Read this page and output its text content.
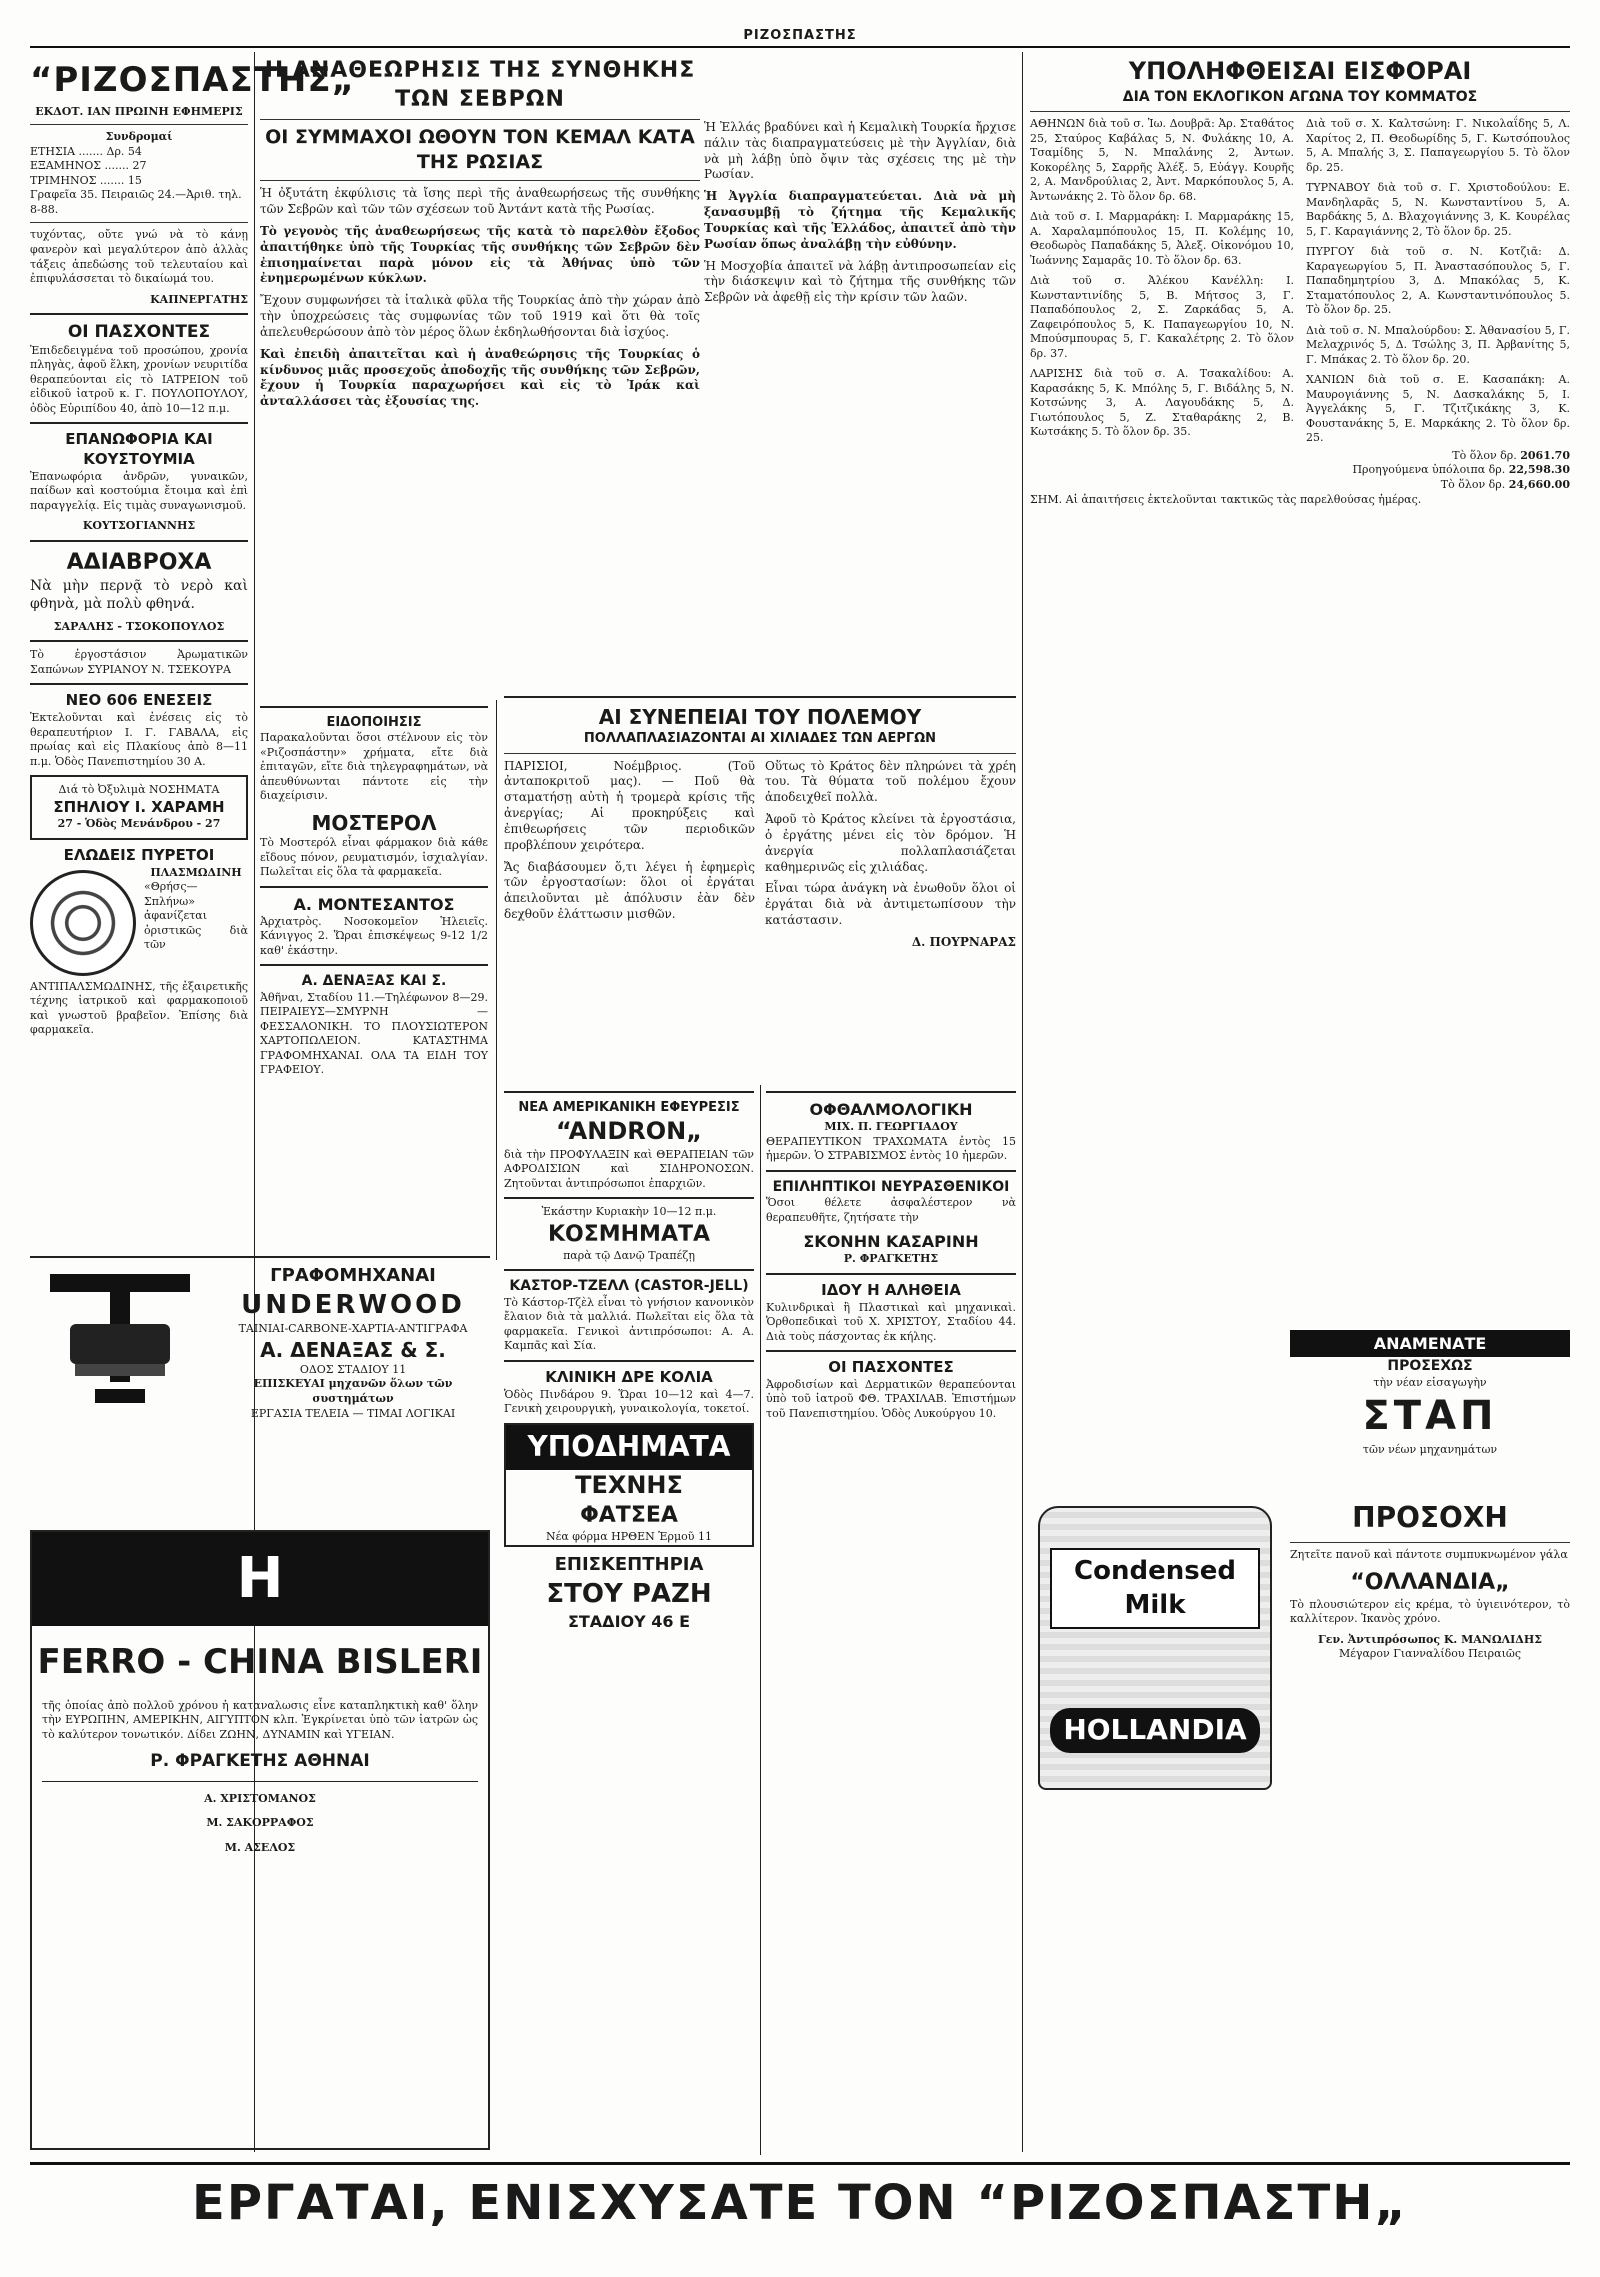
ΡΙΖΟΣΠΑΣΤΗΣ
“ΡΙΖΟΣΠΑΣΤΗΣ„
ΕΚΔΟΤ. ΙΑΝ ΠΡΩΙΝΗ ΕΦΗΜΕΡΙΣ
Συνδρομαί
ΕΤΗΣΙΑ ....... Δρ. 54
ΕΞΑΜΗΝΟΣ ....... 27
ΤΡΙΜΗΝΟΣ ....... 15
Γραφεῖα 35. Πειραιῶς 24.—Ἀριθ. τηλ. 8-88.

τυχόντας, οὔτε γνώ νὰ τὸ κάνῃ φανερὸν καὶ μεγαλύτερον ἀπὸ ἀλλὰς τάξεις ἀπεδώσης τοῦ τελευταίου καὶ ἐπιφυλάσσεται τὸ δικαίωμά του.

ΚΑΠΝΕΡΓΑΤΗΣ
ΟΙ ΠΑΣΧΟΝΤΕΣ

Ἐπιδεδειγμένα τοῦ προσώπου, χρονία πληγὰς, ἀφοῦ ἕλκη, χρονίων νευριτίδα θεραπεύονται εἰς τὸ ΙΑΤΡΕΙΟΝ τοῦ εἰδικοῦ ἰατροῦ κ. Γ. ΠΟΥΛΟΠΟΥΛΟΥ, ὁδὸς Εὐριπίδου 40, ἀπὸ 10—12 π.μ.

ΕΠΑΝΩΦΟΡΙΑ ΚΑΙ ΚΟΥΣΤΟΥΜΙΑ

Ἐπανωφόρια ἀνδρῶν, γυναικῶν, παίδων καὶ κοστούμια ἔτοιμα καὶ ἐπὶ παραγγελίᾳ. Εἰς τιμὰς συναγωνισμοῦ.

ΚΟΥΤΣΟΓΙΑΝΝΗΣ
ΑΔΙΑΒΡΟΧΑ

Νὰ μὴν περνᾷ τὸ νερὸ καὶ φθηνὰ, μὰ πολὺ φθηνά.

ΣΑΡΑΛΗΣ - ΤΣΟΚΟΠΟΥΛΟΣ

Τὸ ἐργοστάσιον Ἀρωματικῶν Σαπώνων ΣΥΡΙΑΝΟΥ Ν. ΤΣΕΚΟΥΡΑ

ΝΕΟ 606 ΕΝΕΣΕΙΣ

Ἐκτελοῦνται καὶ ἐνέσεις εἰς τὸ θεραπευτήριον Ι. Γ. ΓΑΒΑΛΑ, εἰς πρωίας καὶ εἰς Πλακίους ἀπὸ 8—11 π.μ. Ὁδὸς Πανεπιστημίου 30 Α.

Διά τὸ Ὀξυλιμὰ ΝΟΣΗΜΑΤΑ
ΣΠΗΛΙΟΥ Ι. ΧΑΡΑΜΗ
27 - Ὁδὸς Μενάνδρου - 27
ΕΛΩΔΕΙΣ ΠΥΡΕΤΟΙ
ΠΛΑΣΜΩΔΙΝΗ

«Θρήσς—Σπλήνω» ἀφανίζεται ὁριστικῶς διὰ τῶν ΑΝΤΙΠΑΛΣΜΩΔΙΝΗΣ, τῆς ἐξαιρετικῆς τέχνης ἰατρικοῦ καὶ φαρμακοποιοῦ καὶ γνωστοῦ βραβεῖον. Ἐπίσης διὰ φαρμακεῖα.

Η ΑΝΑΘΕΩΡΗΣΙΣ ΤΗΣ ΣΥΝΘΗΚΗΣ ΤΩΝ ΣΕΒΡΩΝ
ΟΙ ΣΥΜΜΑΧΟΙ ΩΘΟΥΝ ΤΟΝ ΚΕΜΑΛ ΚΑΤΑ ΤΗΣ ΡΩΣΙΑΣ

Ἡ ὀξυτάτη ἐκφύλισις τὰ ἴσης περὶ τῆς ἀναθεωρήσεως τῆς συνθήκης τῶν Σεβρῶν καὶ τῶν τῶν σχέσεων τοῦ Ἀντάντ κατὰ τῆς Ρωσίας.

Τὸ γεγονὸς τῆς ἀναθεωρήσεως τῆς κατὰ τὸ παρελθὸν ἔξοδος ἀπαιτήθηκε ὑπὸ τῆς Τουρκίας τῆς συνθήκης τῶν Σεβρῶν δὲν ἐπισημαίνεται παρὰ μόνον εἰς τὰ Ἀθήνας ὑπὸ τῶν ἐνημερωμένων κύκλων.

Ἔχουν συμφωνήσει τὰ ἰταλικὰ φῦλα τῆς Τουρκίας ἀπὸ τὴν χώραν ἀπὸ τὴν ὑποχρεώσεις τὰς συμφωνίας τῶν τοῦ 1919 καὶ ὅτι θὰ τοῖς ἀπελευθερώσουν ἀπὸ τὸν μέρος ὅλων ἐκδηλωθήσονται διὰ ἰσχύος.

Καὶ ἐπειδὴ ἀπαιτεῖται καὶ ἡ ἀναθεώρησις τῆς Τουρκίας ὁ κίνδυνος μιᾶς προσεχοῦς ἀποδοχῆς τῆς συνθήκης τῶν Σεβρῶν, ἔχουν ἡ Τουρκία παραχωρήσει καὶ εἰς τὸ Ἰράκ καὶ ἀνταλλάσσει τὰς ἐξουσίας της.

Ἡ Ἐλλάς βραδύνει καὶ ἡ Κεμαλικὴ Τουρκία ἤρχισε πάλιν τὰς διαπραγματεύσεις μὲ τὴν Ἀγγλίαν, διὰ νὰ μὴ λάβῃ ὑπὸ ὄψιν τὰς σχέσεις της μὲ τὴν Ρωσίαν.

Ἡ Ἀγγλία διαπραγματεύεται. Διὰ νὰ μὴ ξανασυμβῇ τὸ ζήτημα τῆς Κεμαλικῆς Τουρκίας καὶ τῆς Ἑλλάδος, ἀπαιτεῖ ἀπὸ τὴν Ρωσίαν ὅπως ἀναλάβῃ τὴν εὐθύνην.

Ἡ Μοσχοβία ἀπαιτεῖ νὰ λάβῃ ἀντιπροσωπείαν εἰς τὴν διάσκεψιν καὶ τὸ ζήτημα τῆς συνθήκης τῶν Σεβρῶν νὰ ἀφεθῇ εἰς τὴν κρίσιν τῶν λαῶν.

ΕΙΔΟΠΟΙΗΣΙΣ

Παρακαλοῦνται ὅσοι στέλνουν εἰς τὸν «Ριζοσπάστην» χρήματα, εἴτε διὰ ἐπιταγῶν, εἴτε διὰ τηλεγραφημάτων, νὰ ἀπευθύνωνται πάντοτε εἰς τὴν διαχείρισιν.

ΜΟΣΤΕΡΟΛ

Τὸ Μοστερόλ εἶναι φάρμακον διὰ κάθε εἴδους πόνον, ρευματισμόν, ἰσχιαλγίαν. Πωλεῖται εἰς ὅλα τὰ φαρμακεῖα.

Α. ΜΟΝΤΕΣΑΝΤΟΣ

Ἀρχιατρὸς. Νοσοκομεῖον Ἡλειεῖς. Κάνιγγος 2. Ὥραι ἐπισκέψεως 9-12 1/2 καθ' ἑκάστην.

Α. ΔΕΝΑΞΑΣ ΚΑΙ Σ.

Ἀθῆναι, Σταδίου 11.—Τηλέφωνον 8—29. ΠΕΙΡΑΙΕΥΣ—ΣΜΥΡΝΗ — ΦΕΣΣΑΛΟΝΙΚΗ. ΤΟ ΠΛΟΥΣΙΩΤΕΡΟΝ ΧΑΡΤΟΠΩΛΕΙΟΝ. ΚΑΤΑΣΤΗΜΑ ΓΡΑΦΟΜΗΧΑΝΑΙ. ΟΛΑ ΤΑ ΕΙΔΗ ΤΟΥ ΓΡΑΦΕΙΟΥ.

ΓΡΑΦΟΜΗΧΑΝΑΙ
UNDERWOOD
ΤΑΙΝΙΑΙ-CARBONE-ΧΑΡΤΙΑ-ΑΝΤΙΓΡΑΦΑ
Α. ΔΕΝΑΞΑΣ & Σ.
ΟΔΟΣ ΣΤΑΔΙΟΥ 11
ΕΠΙΣΚΕΥΑΙ μηχανῶν ὅλων τῶν συστημάτων
ΕΡΓΑΣΙΑ ΤΕΛΕΙΑ — ΤΙΜΑΙ ΛΟΓΙΚΑΙ
Η
FERRO - CHINA BISLERI

τῆς ὁποίας ἀπὸ πολλοῦ χρόνου ἡ καταναλωσις εἶνε καταπληκτικὴ καθ' ὅλην τὴν ΕΥΡΩΠΗΝ, ΑΜΕΡΙΚΗΝ, ΑΙΓΥΠΤΟΝ κλπ. Ἐγκρίνεται ὑπὸ τῶν ἰατρῶν ὡς τὸ καλύτερον τονωτικόν. Δίδει ΖΩΗΝ, ΔΥΝΑΜΙΝ καὶ ΥΓΕΙΑΝ.

Ρ. ΦΡΑΓΚΕΤΗΣ ΑΘΗΝΑΙ
Α. ΧΡΙΣΤΟΜΑΝΟΣ
Μ. ΣΑΚΟΡΡΑΦΟΣ
Μ. ΑΣΕΛΟΣ
ΑΙ ΣΥΝΕΠΕΙΑΙ ΤΟΥ ΠΟΛΕΜΟΥ
ΠΟΛΛΑΠΛΑΣΙΑΖΟΝΤΑΙ ΑΙ ΧΙΛΙΑΔΕΣ ΤΩΝ ΑΕΡΓΩΝ

ΠΑΡΙΣΙΟΙ, Νοέμβριος. (Τοῦ ἀνταποκριτοῦ μας). — Ποῦ θὰ σταματήσῃ αὐτὴ ἡ τρομερὰ κρίσις τῆς ἀνεργίας; Αἱ προκηρύξεις καὶ ἐπιθεωρήσεις τῶν περιοδικῶν προβλέπουν χειρότερα.

Ἄς διαβάσουμεν ὅ,τι λέγει ἡ ἐφημερὶς τῶν ἐργοστασίων: ὅλοι οἱ ἐργάται ἀπειλοῦνται μὲ ἀπόλυσιν ἐὰν δὲν δεχθοῦν ἐλάττωσιν μισθῶν.

Οὕτως τὸ Κράτος δὲν πληρώνει τὰ χρέη του. Τὰ θύματα τοῦ πολέμου ἔχουν ἀποδειχθεῖ πολλὰ.

Ἀφοῦ τὸ Κράτος κλείνει τὰ ἐργοστάσια, ὁ ἐργάτης μένει εἰς τὸν δρόμον. Ἡ ἀνεργία πολλαπλασιάζεται καθημερινῶς εἰς χιλιάδας.

Εἶναι τώρα ἀνάγκη νὰ ἐνωθοῦν ὅλοι οἱ ἐργάται διὰ νὰ ἀντιμετωπίσουν τὴν κατάστασιν.

Δ. ΠΟΥΡΝΑΡΑΣ
ΝΕΑ ΑΜΕΡΙΚΑΝΙΚΗ ΕΦΕΥΡΕΣΙΣ
“ANDRON„

διὰ τὴν ΠΡΟΦΥΛΑΞΙΝ καὶ ΘΕΡΑΠΕΙΑΝ τῶν ΑΦΡΟΔΙΣΙΩΝ καὶ ΣΙΔΗΡΟΝΟΣΩΝ. Ζητοῦνται ἀντιπρόσωποι ἐπαρχιῶν.

Ἐκάστην Κυριακὴν 10—12 π.μ.
ΚΟΣΜΗΜΑΤΑ
παρὰ τῷ Δανῷ Τραπέζῃ
ΚΑΣΤΟΡ-ΤΖΕΛΛ (CASTOR-JELL)

Τὸ Κάστορ-Τζὲλ εἶναι τὸ γνήσιον κανονικὸν ἔλαιον διὰ τὰ μαλλιά. Πωλεῖται εἰς ὅλα τὰ φαρμακεῖα. Γενικοὶ ἀντιπρόσωποι: Α. Α. Καμπᾶς καὶ Σία.

ΚΛΙΝΙΚΗ ΔΡΕ ΚΟΛΙΑ

Ὁδὸς Πινδάρου 9. Ὥραι 10—12 καὶ 4—7. Γενικὴ χειρουργικὴ, γυναικολογία, τοκετοί.

ΥΠΟΔΗΜΑΤΑ
ΤΕΧΝΗΣ
ΦΑΤΣΕΑ
Νέα φόρμα ΗΡΘΕΝ Ἑρμοῦ 11
ΕΠΙΣΚΕΠΤΗΡΙΑ
ΣΤΟΥ ΡΑΖΗ
ΣΤΑΔΙΟΥ 46 Ε
ΟΦΘΑΛΜΟΛΟΓΙΚΗ
ΜΙΧ. Π. ΓΕΩΡΓΙΑΔΟΥ

ΘΕΡΑΠΕΥΤΙΚΟΝ ΤΡΑΧΩΜΑΤΑ ἐντὸς 15 ἡμερῶν. Ὁ ΣΤΡΑΒΙΣΜΟΣ ἐντὸς 10 ἡμερῶν.

ΕΠΙΛΗΠΤΙΚΟΙ ΝΕΥΡΑΣΘΕΝΙΚΟΙ

Ὅσοι θέλετε ἀσφαλέστερον νὰ θεραπευθῆτε, ζητήσατε τὴν

ΣΚΟΝΗΝ ΚΑΣΑΡΙΝΗ
Ρ. ΦΡΑΓΚΕΤΗΣ
ΙΔΟΥ Η ΑΛΗΘΕΙΑ

Κυλινδρικαὶ ἢ Πλαστικαὶ καὶ μηχανικαὶ. Ὁρθοπεδικαὶ τοῦ Χ. ΧΡΙΣΤΟΥ, Σταδίου 44. Διὰ τοὺς πάσχοντας ἐκ κήλης.

ΟΙ ΠΑΣΧΟΝΤΕΣ

Ἀφροδισίων καὶ Δερματικῶν θεραπεύονται ὑπὸ τοῦ ἰατροῦ ΦΘ. ΤΡΑΧΙΛΑΒ. Ἐπιστήμων τοῦ Πανεπιστημίου. Ὁδὸς Λυκούργου 10.

ΥΠΟΛΗΦΘΕΙΣΑΙ ΕΙΣΦΟΡΑΙ
ΔΙΑ ΤΟΝ ΕΚΛΟΓΙΚΟΝ ΑΓΩΝΑ ΤΟΥ ΚΟΜΜΑΤΟΣ

ΑΘΗΝΩΝ διὰ τοῦ σ. Ἰω. Δουβρᾶ: Ἀρ. Σταθάτος 25, Σταύρος Καβάλας 5, Ν. Φυλάκης 10, Α. Τσαμίδης 5, Ν. Μπαλάνης 2, Ἀντων. Κοκορέλης 5, Σαρρῆς Ἀλέξ. 5, Εὐάγγ. Κουρῆς 2, Α. Μανδρούλιας 2, Ἀντ. Μαρκόπουλος 5, Α. Ἀντωνάκης 2. Τὸ ὅλον δρ. 68.

Διὰ τοῦ σ. Ι. Μαρμαράκη: Ι. Μαρμαράκης 15, Α. Χαραλαμπόπουλος 15, Π. Κολέμης 10, Θεοδωρὸς Παπαδάκης 5, Ἀλεξ. Οἰκονόμου 10, Ἰωάννης Σαμαρᾶς 10. Τὸ ὅλον δρ. 63.

Διὰ τοῦ σ. Ἀλέκου Κανέλλη: Ι. Κωνσταντινίδης 5, Β. Μήτσος 3, Γ. Παπαδόπουλος 2, Σ. Ζαρκάδας 5, Α. Ζαφειρόπουλος 5, Κ. Παπαγεωργίου 10, Ν. Μπούσμπουρας 5, Γ. Κακαλέτρης 2. Τὸ ὅλον δρ. 37.

ΛΑΡΙΣΗΣ διὰ τοῦ σ. Α. Τσακαλίδου: Α. Καρασάκης 5, Κ. Μπόλης 5, Γ. Βιδάλης 5, Ν. Κοτσώνης 3, Α. Λαγουδάκης 5, Δ. Γιωτόπουλος 5, Ζ. Σταθαράκης 2, Β. Κωτσάκης 5. Τὸ ὅλον δρ. 35.

Διὰ τοῦ σ. Χ. Καλτσώνη: Γ. Νικολαΐδης 5, Λ. Χαρίτος 2, Π. Θεοδωρίδης 5, Γ. Κωτσόπουλος 5, Α. Μπαλής 3, Σ. Παπαγεωργίου 5. Τὸ ὅλον δρ. 25.

ΤΥΡΝΑΒΟΥ διὰ τοῦ σ. Γ. Χριστοδούλου: Ε. Μανδηλαρᾶς 5, Ν. Κωνσταντίνου 5, Α. Βαρδάκης 5, Δ. Βλαχογιάννης 3, Κ. Κουρέλας 5, Γ. Καραγιάννης 2, Τὸ ὅλον δρ. 25.

ΠΥΡΓΟΥ διὰ τοῦ σ. Ν. Κοτζιᾶ: Δ. Καραγεωργίου 5, Π. Ἀναστασόπουλος 5, Γ. Παπαδημητρίου 3, Δ. Μπακόλας 5, Κ. Σταματόπουλος 2, Α. Κωνσταντινόπουλος 5. Τὸ ὅλον δρ. 25.

Διὰ τοῦ σ. Ν. Μπαλούρδου: Σ. Ἀθανασίου 5, Γ. Μελαχρινός 5, Δ. Τσώλης 3, Π. Ἀρβανίτης 5, Γ. Μπάκας 2. Τὸ ὅλον δρ. 20.

ΧΑΝΙΩΝ διὰ τοῦ σ. Ε. Κασαπάκη: Α. Μαυρογιάννης 5, Ν. Δασκαλάκης 5, Ι. Ἀγγελάκης 5, Γ. Τζιτζικάκης 3, Κ. Φουστανάκης 5, Ε. Μαρκάκης 2. Τὸ ὅλον δρ. 25.

Τὸ ὅλον δρ. 2061.70
Προηγούμενα ὑπόλοιπα δρ. 22,598.30
Τὸ ὅλον δρ. 24,660.00

ΣΗΜ. Αἱ ἀπαιτήσεις ἐκτελοῦνται τακτικῶς τὰς παρελθούσας ἡμέρας.

ΑΝΑΜΕΝΑΤΕ
ΠΡΟΣΕΧΩΣ
τὴν νέαν εἰσαγωγὴν
ΣΤΑΠ
τῶν νέων μηχανημάτων
Condensed Milk
HOLLANDIA
ΠΡΟΣΟΧΗ

Ζητεῖτε πανοῦ καὶ πάντοτε συμπυκνωμένον γάλα

“ΟΛΛΑΝΔΙΑ„

Τὸ πλουσιώτερον εἰς κρέμα, τὸ ὑγιεινότερον, τὸ καλλίτερον. Ἱκανὸς χρόνο.

Γεν. Ἀντιπρόσωπος Κ. ΜΑΝΩΛΙΔΗΣ
Μέγαρον Γιανναλίδου Πειραιῶς
ΕΡΓΑΤΑΙ, ΕΝΙΣΧΥΣΑΤΕ ΤΟΝ “ΡΙΖΟΣΠΑΣΤΗ„
